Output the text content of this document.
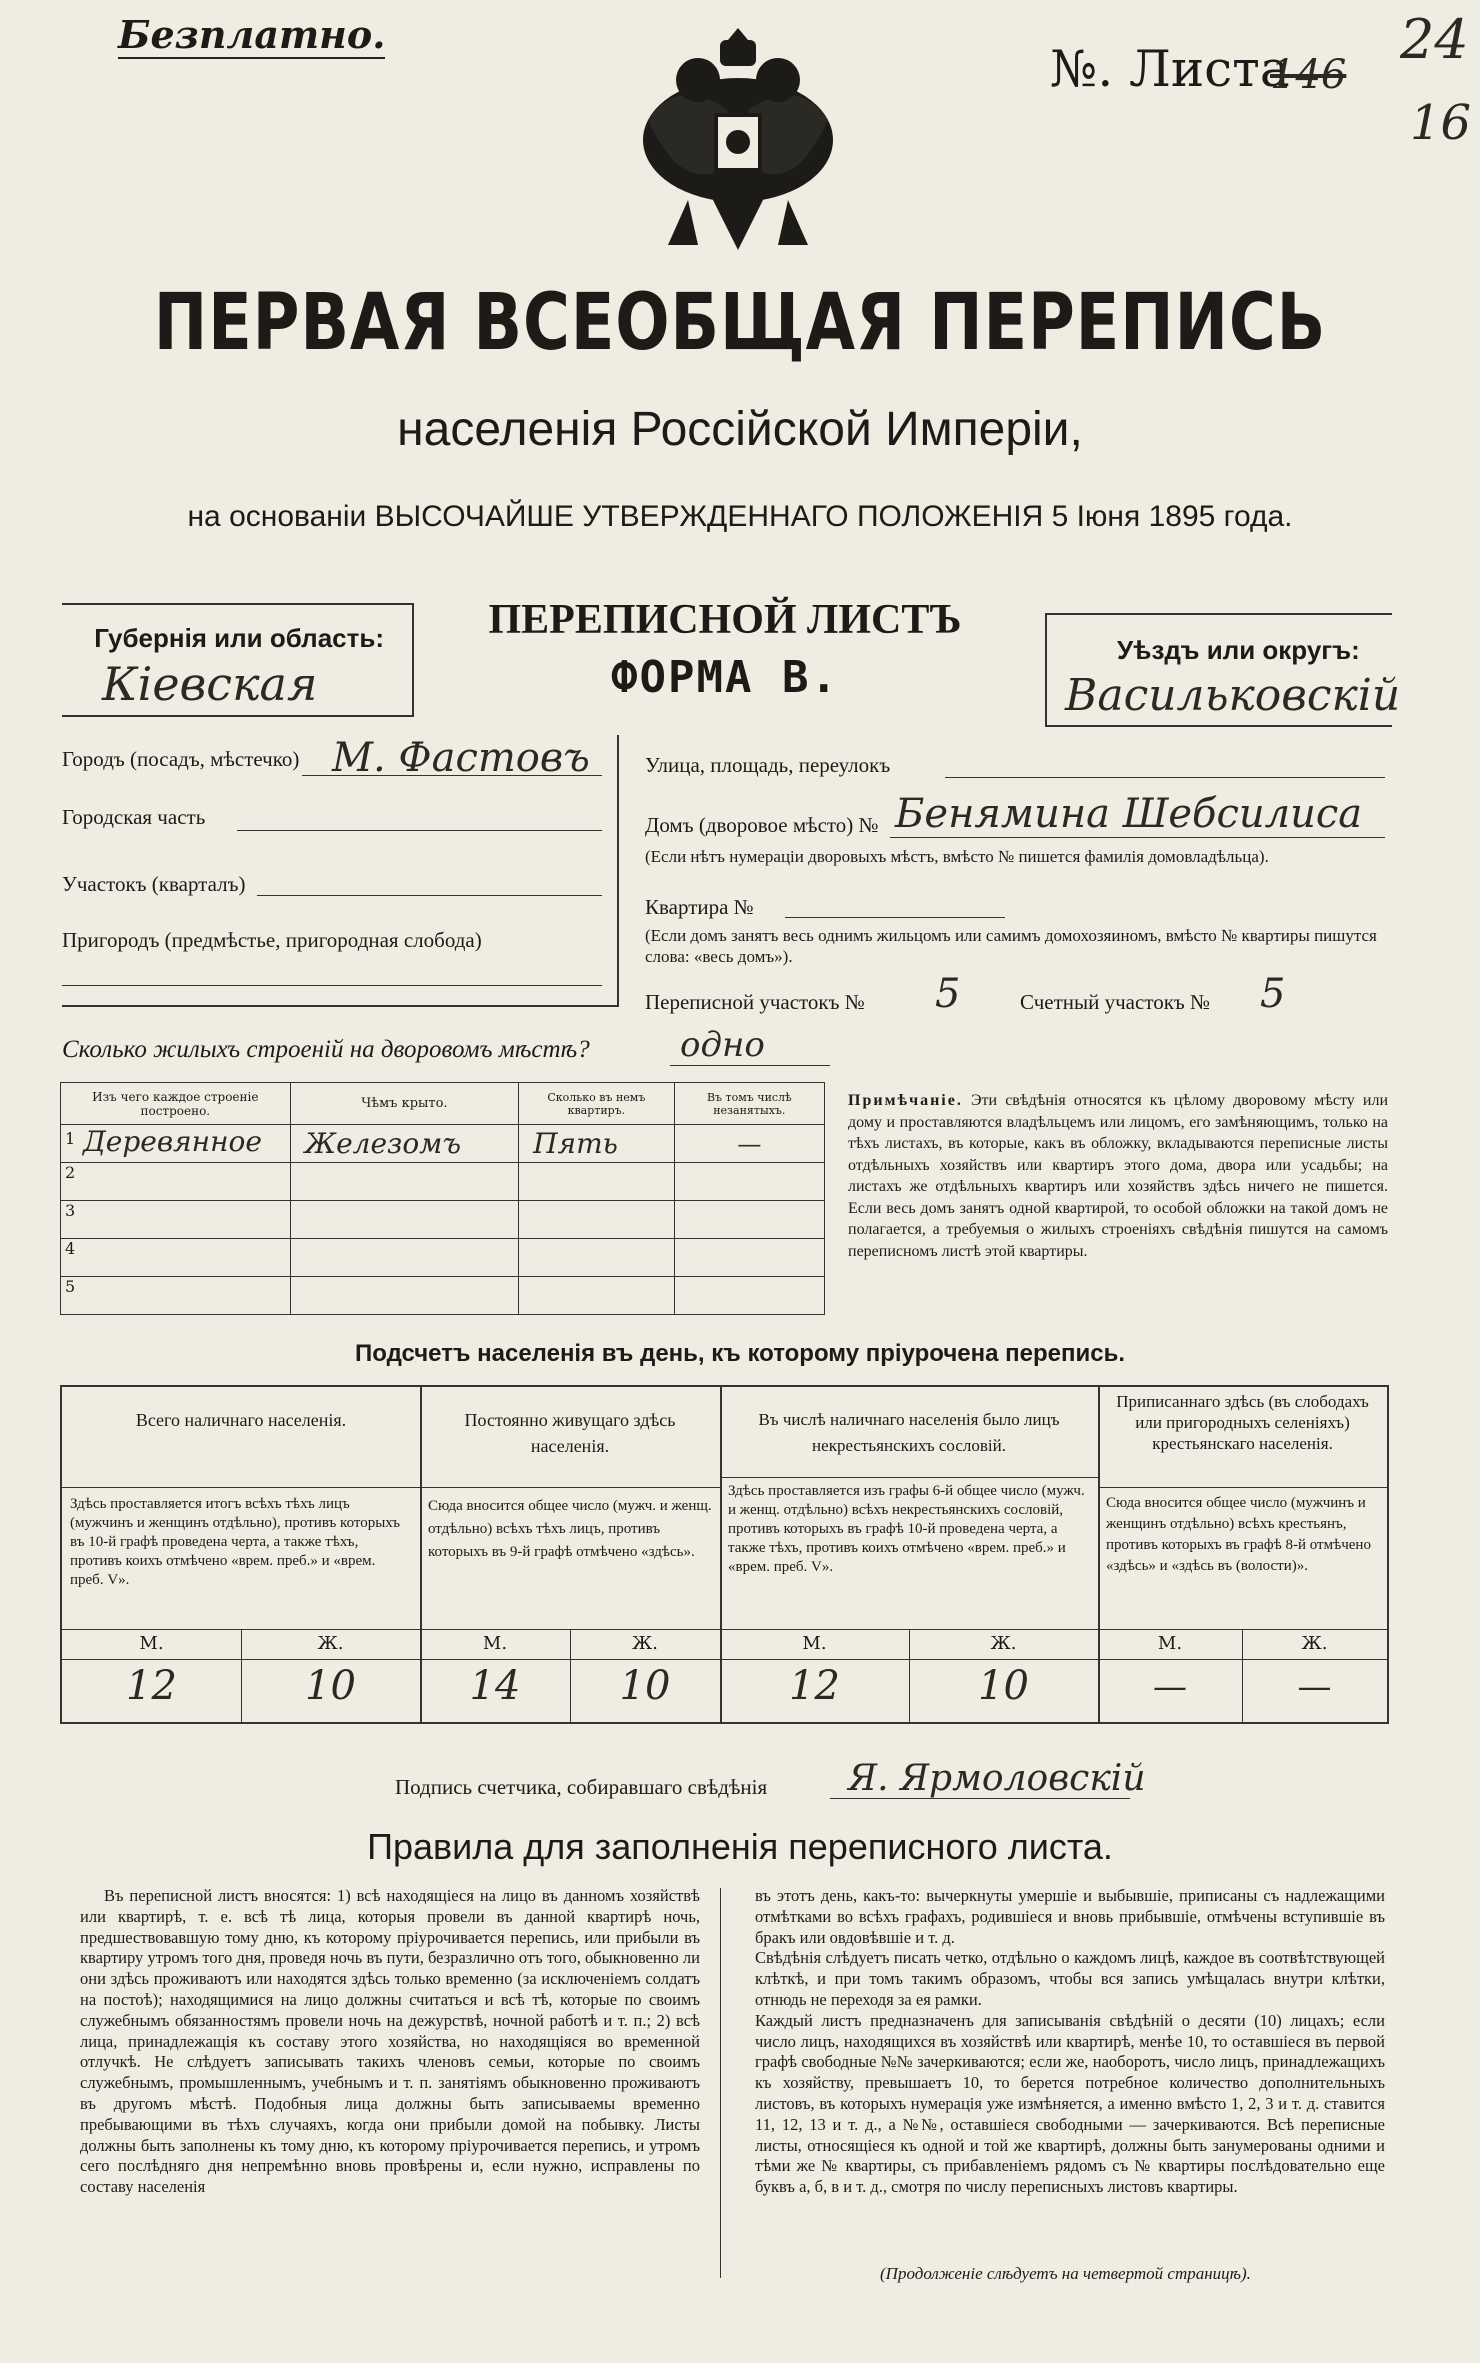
Безплатно.
№. Листа
146
24
16
ПЕРВАЯ ВСЕОБЩАЯ ПЕРЕПИСЬ
населенія Россійской Имперіи,
на основаніи ВЫСОЧАЙШЕ УТВЕРЖДЕННАГО ПОЛОЖЕНІЯ 5 Іюня 1895 года.
Губернія или область:
Кіевская
ПЕРЕПИСНОЙ ЛИСТЪ
ФОРМА В.
Уѣздъ или округъ:
Васильковскій
Городъ (посадъ, мѣстечко) М. Фастовъ
Городская часть
Участокъ (кварталъ)
Пригородъ (предмѣстье, пригородная слобода)
Улица, площадь, переулокъ
Домъ (дворовое мѣсто) № Бенямина Шебсилиса
(Если нѣтъ нумераціи дворовыхъ мѣстъ, вмѣсто № пишется фамилія домовладѣльца).
Квартира №
(Если домъ занятъ весь однимъ жильцомъ или самимъ домохозяиномъ, вмѣсто № квартиры пишутся слова: «весь домъ»).
Переписной участокъ № 5	Счетный участокъ № 5
Сколько жилыхъ строеній на дворовомъ мѣстѣ?	одно
Изъ чего каждое строеніе построено.	Чѣмъ крыто.	Сколько въ немъ квартиръ.	Въ томъ числѣ незанятыхъ.

1 Деревянное	Железомъ	Пять	—
2			
3			
4			
5			
Примѣчаніе. Эти свѣдѣнія относятся къ цѣлому дворовому мѣсту или дому и проставляются владѣльцемъ или лицомъ, его замѣняющимъ, только на тѣхъ листахъ, въ которые, какъ въ обложку, вкладываются переписные листы отдѣльныхъ хозяйствъ или квартиръ этого дома, двора или усадьбы; на листахъ же отдѣльныхъ квартиръ или хозяйствъ здѣсь ничего не пишется. Если весь домъ занятъ одной квартирой, то особой обложки на такой домъ не полагается, а требуемыя о жилыхъ строеніяхъ свѣдѣнія пишутся на самомъ переписномъ листѣ этой квартиры.
Подсчетъ населенія въ день, къ которому пріурочена перепись.
Всего наличнаго населенія.
Здѣсь проставляется итогъ всѣхъ тѣхъ лицъ (мужчинъ и женщинъ отдѣльно), противъ которыхъ въ 10-й графѣ проведена черта, а также тѣхъ, противъ коихъ отмѣчено «врем. преб.» и «врем. преб. V».
М.	Ж.
12	10
Постоянно живущаго здѣсь населенія.
Сюда вносится общее число (мужч. и женщ. отдѣльно) всѣхъ тѣхъ лицъ, противъ которыхъ въ 9-й графѣ отмѣчено «здѣсь».
М.	Ж.
14	10
Въ числѣ наличнаго населенія было лицъ некрестьянскихъ сословій.
Здѣсь проставляется изъ графы 6-й общее число (мужч. и женщ. отдѣльно) всѣхъ некрестьянскихъ сословій, противъ которыхъ въ графѣ 10-й проведена черта, а также тѣхъ, противъ коихъ отмѣчено «врем. преб.» и «врем. преб. V».
М.	Ж.
12	10
Приписаннаго здѣсь (въ слободахъ или пригородныхъ селеніяхъ) крестьянскаго населенія.
Сюда вносится общее число (мужчинъ и женщинъ отдѣльно) всѣхъ крестьянъ, противъ которыхъ въ графѣ 8-й отмѣчено «здѣсь» и «здѣсь въ (волости)».
М.	Ж.
—	—
Подпись счетчика, собиравшаго свѣдѣнія Я. Ярмоловскій
Правила для заполненія переписного листа.
Въ переписной листъ вносятся: 1) всѣ находящіеся на лицо въ данномъ хозяйствѣ или квартирѣ, т. е. всѣ тѣ лица, которыя провели въ данной квартирѣ ночь, предшествовавшую тому дню, къ которому пріурочивается перепись, или прибыли въ квартиру утромъ того дня, проведя ночь въ пути, безразлично отъ того, обыкновенно ли они здѣсь проживаютъ или находятся здѣсь только временно (за исключеніемъ солдатъ на постоѣ); находящимися на лицо должны считаться и всѣ тѣ, которые по своимъ служебнымъ обязанностямъ провели ночь на дежурствѣ, ночной работѣ и т. п.; 2) всѣ лица, принадлежащія къ составу этого хозяйства, но находящіяся во временной отлучкѣ. Не слѣдуетъ записывать такихъ членовъ семьи, которые по своимъ служебнымъ, промышленнымъ, учебнымъ и т. п. занятіямъ обыкновенно проживаютъ въ другомъ мѣстѣ. Подобныя лица должны быть записываемы временно пребывающими въ тѣхъ случаяхъ, когда они прибыли домой на побывку. Листы должны быть заполнены къ тому дню, къ которому пріурочивается перепись, и утромъ сего послѣдняго дня непремѣнно вновь провѣрены и, если нужно, исправлены по составу населенія
въ этотъ день, какъ-то: вычеркнуты умершіе и выбывшіе, приписаны съ надлежащими отмѣтками во всѣхъ графахъ, родившіеся и вновь прибывшіе, отмѣчены вступившіе въ бракъ или овдовѣвшіе и т. д.
Свѣдѣнія слѣдуетъ писать четко, отдѣльно о каждомъ лицѣ, каждое въ соотвѣтствующей клѣткѣ, и при томъ такимъ образомъ, чтобы вся запись умѣщалась внутри клѣтки, отнюдь не переходя за ея рамки.
Каждый листъ предназначенъ для записыванія свѣдѣній о десяти (10) лицахъ; если число лицъ, находящихся въ хозяйствѣ или квартирѣ, менѣе 10, то оставшіеся въ первой графѣ свободные №№ зачеркиваются; если же, наоборотъ, число лицъ, принадлежащихъ къ хозяйству, превышаетъ 10, то берется потребное количество дополнительныхъ листовъ, въ которыхъ нумерація уже измѣняется, а именно вмѣсто 1, 2, 3 и т. д. ставится 11, 12, 13 и т. д., а №№, оставшіеся свободными — зачеркиваются. Всѣ переписные листы, относящіеся къ одной и той же квартирѣ, должны быть занумерованы одними и тѣми же № квартиры, съ прибавленіемъ рядомъ съ № квартиры послѣдовательно еще буквъ а, б, в и т. д., смотря по числу переписныхъ листовъ квартиры.
(Продолженіе слѣдуетъ на четвертой страницѣ).
